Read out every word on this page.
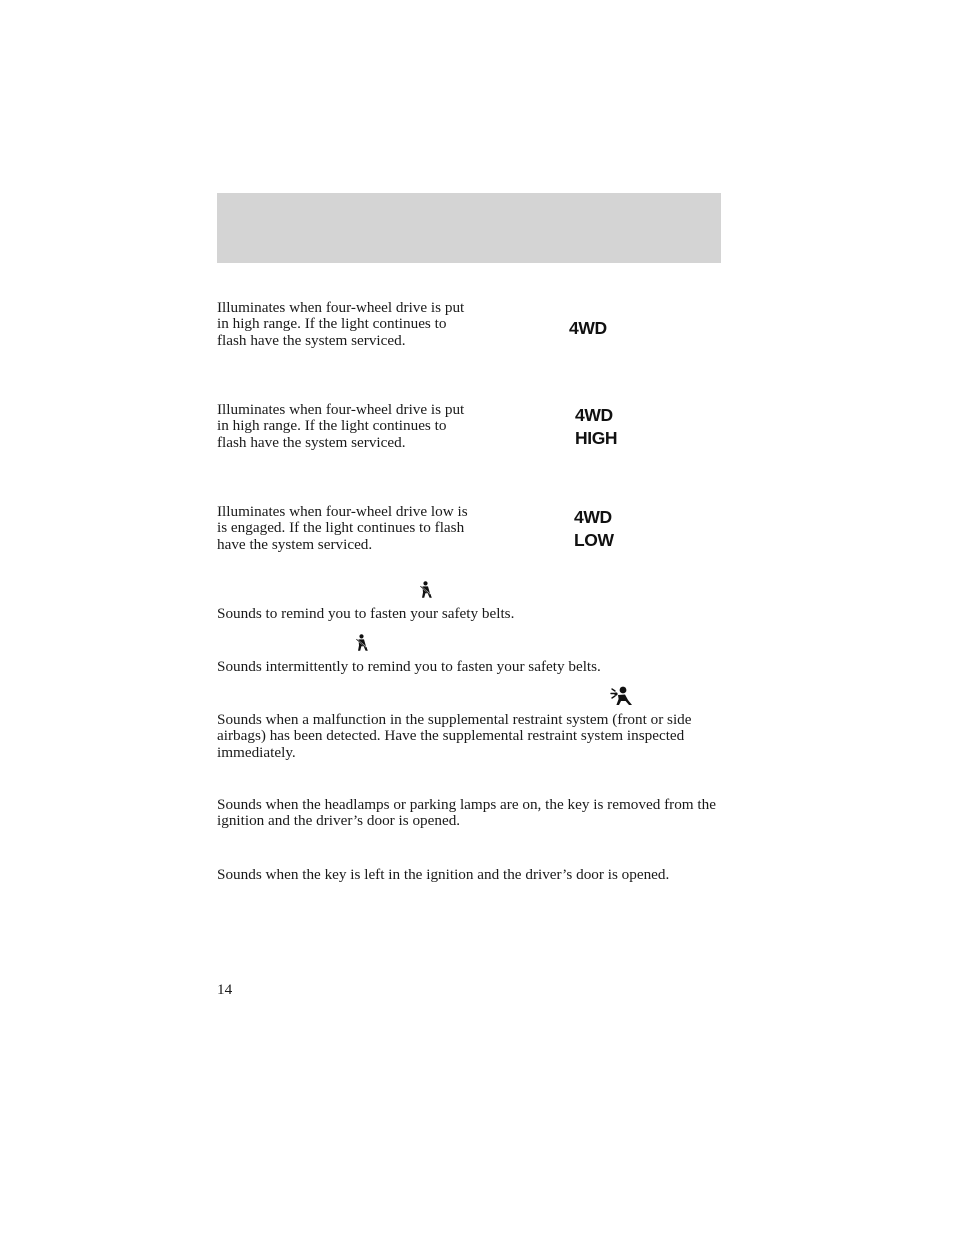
Illuminates when four-wheel drive is put in high range. If the light continues to flash have the system serviced.

4WD

Illuminates when four-wheel drive is put in high range. If the light continues to flash have the system serviced.

4WD
HIGH

Illuminates when four-wheel drive low is is engaged. If the light continues to flash have the system serviced.

4WD
LOW

Sounds to remind you to fasten your safety belts.

Sounds intermittently to remind you to fasten your safety belts.

Sounds when a malfunction in the supplemental restraint system (front or side airbags) has been detected. Have the supplemental restraint system inspected immediately.

Sounds when the headlamps or parking lamps are on, the key is removed from the ignition and the driver’s door is opened.

Sounds when the key is left in the ignition and the driver’s door is opened.

14
